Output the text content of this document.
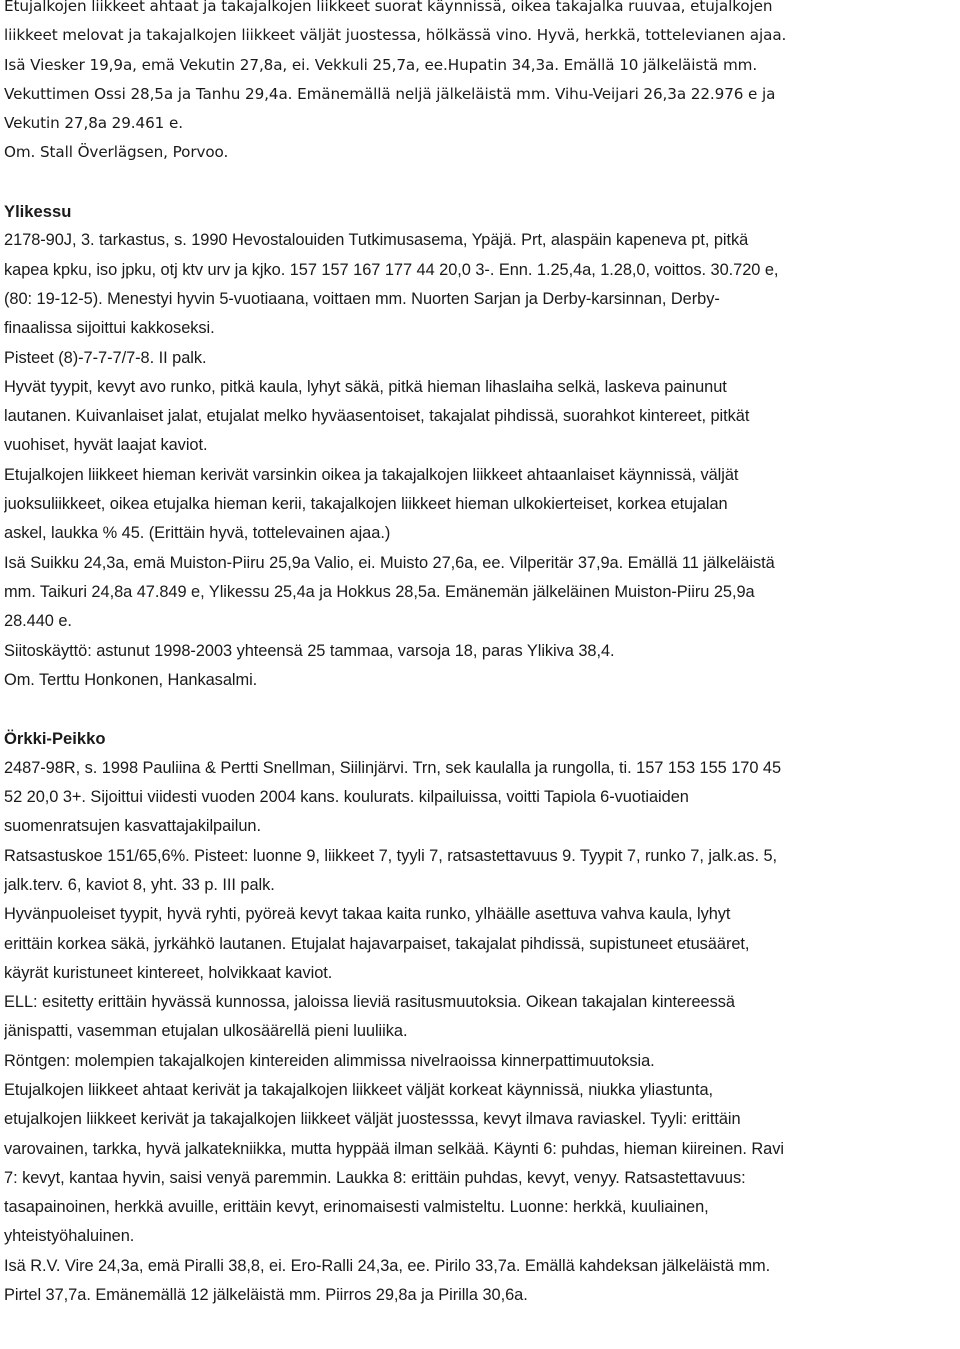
Etujalkojen liikkeet ahtaat ja takajalkojen liikkeet suorat käynnissä, oikea takajalka ruuvaa, etujalkojen
liikkeet melovat ja takajalkojen liikkeet väljät juostessa, hölkässä vino. Hyvä, herkkä, tottelevianen ajaa.
Isä Viesker 19,9a, emä Vekutin 27,8a, ei. Vekkuli 25,7a, ee.Hupatin 34,3a. Emällä 10 jälkeläistä mm.
Vekuttimen Ossi 28,5a ja Tanhu 29,4a. Emänemällä neljä jälkeläistä mm. Vihu-Veijari 26,3a 22.976 e ja
Vekutin 27,8a 29.461 e.
Om. Stall Överlägsen, Porvoo.
Ylikessu
2178-90J, 3. tarkastus, s. 1990 Hevostalouiden Tutkimusasema, Ypäjä. Prt, alaspäin kapeneva pt, pitkä
kapea kpku, iso jpku, otj ktv urv ja kjko. 157 157 167 177 44 20,0 3-. Enn. 1.25,4a, 1.28,0, voittos. 30.720 e,
(80: 19-12-5). Menestyi hyvin 5-vuotiaana, voittaen mm. Nuorten Sarjan ja Derby-karsinnan, Derby-
finaalissa sijoittui kakkoseksi.
Pisteet (8)-7-7-7/7-8. II palk.
Hyvät tyypit, kevyt avo runko, pitkä kaula, lyhyt säkä, pitkä hieman lihaslaiha selkä, laskeva painunut
lautanen. Kuivanlaiset jalat, etujalat melko hyväasentoiset, takajalat pihdissä, suorahkot kintereet, pitkät
vuohiset, hyvät laajat kaviot.
Etujalkojen liikkeet hieman kerivät varsinkin oikea ja takajalkojen liikkeet ahtaanlaiset käynnissä, väljät
juoksuliikkeet, oikea etujalka hieman kerii, takajalkojen liikkeet hieman ulkokierteiset, korkea etujalan
askel, laukka % 45. (Erittäin hyvä, tottelevainen ajaa.)
Isä Suikku 24,3a, emä Muiston-Piiru 25,9a Valio, ei. Muisto 27,6a, ee. Vilperitär 37,9a. Emällä 11 jälkeläistä
mm. Taikuri 24,8a 47.849 e, Ylikessu 25,4a ja Hokkus 28,5a. Emänemän jälkeläinen Muiston-Piiru 25,9a
28.440 e.
Siitoskäyttö: astunut 1998-2003 yhteensä 25 tammaa, varsoja 18, paras Ylikiva 38,4.
Om. Terttu Honkonen, Hankasalmi.
Örkki-Peikko
2487-98R, s. 1998 Pauliina & Pertti Snellman, Siilinjärvi. Trn, sek kaulalla ja rungolla, ti. 157 153 155 170 45
52 20,0 3+. Sijoittui viidesti vuoden 2004 kans. koulurats. kilpailuissa, voitti Tapiola 6-vuotiaiden
suomenratsujen kasvattajakilpailun.
Ratsastuskoe 151/65,6%. Pisteet: luonne 9, liikkeet 7, tyyli 7, ratsastettavuus 9. Tyypit 7, runko 7, jalk.as. 5,
jalk.terv. 6, kaviot 8, yht. 33 p. III palk.
Hyvänpuoleiset tyypit, hyvä ryhti, pyöreä kevyt takaa kaita runko, ylhäälle asettuva vahva kaula, lyhyt
erittäin korkea säkä, jyrkähkö lautanen. Etujalat hajavarpaiset, takajalat pihdissä, supistuneet etusääret,
käyrät kuristuneet kintereet, holvikkaat kaviot.
ELL: esitetty erittäin hyvässä kunnossa, jaloissa lieviä rasitusmuutoksia. Oikean takajalan kintereessä
jänispatti, vasemman etujalan ulkosäärellä pieni luuliika.
Röntgen: molempien takajalkojen kintereiden alimmissa nivelraoissa kinnerpattimuutoksia.
Etujalkojen liikkeet ahtaat kerivät ja takajalkojen liikkeet väljät korkeat käynnissä, niukka yliastunta,
etujalkojen liikkeet kerivät ja takajalkojen liikkeet väljät juostesssa, kevyt ilmava raviaskel. Tyyli: erittäin
varovainen, tarkka, hyvä jalkatekniikka, mutta hyppää ilman selkää. Käynti 6: puhdas, hieman kiireinen. Ravi
7: kevyt, kantaa hyvin, saisi venyä paremmin. Laukka 8: erittäin puhdas, kevyt, venyy. Ratsastettavuus:
tasapainoinen, herkkä avuille, erittäin kevyt, erinomaisesti valmisteltu. Luonne: herkkä, kuuliainen,
yhteistyöhaluinen.
Isä R.V. Vire 24,3a, emä Piralli 38,8, ei. Ero-Ralli 24,3a, ee. Pirilo 33,7a. Emällä kahdeksan jälkeläistä mm.
Pirtel 37,7a. Emänemällä 12 jälkeläistä mm. Piirros 29,8a ja Pirilla 30,6a.
